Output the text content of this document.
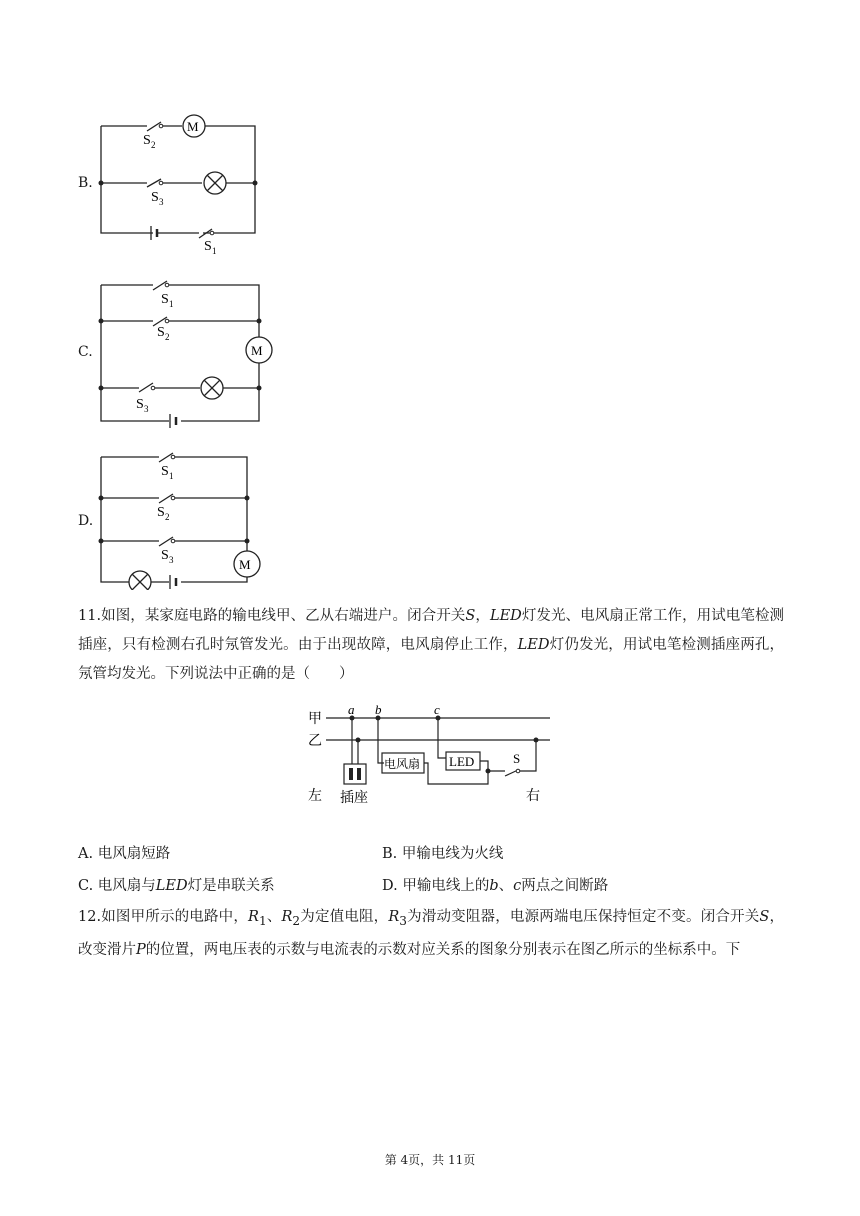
B.
M
S 2
S 3
S 1
C.	M
S 1
S 2
S 3
D.
M
S 1
S 2
S 3
11.如图，某家庭电路的输电线甲、乙从右端进户。闭合开关S，LED灯发光、电风扇正常工作，用试电笔检测插座，只有检测右孔时氖管发光。由于出现故障，电风扇停止工作，LED灯仍发光，用试电笔检测插座两孔，氖管均发光。下列说法中正确的是（　　）
甲
乙
a b	c
电风扇 LED	S
插座
左	右
A. 电风扇短路	B. 甲输电线为火线
C. 电风扇与LED灯是串联关系	D. 甲输电线上的b、c两点之间断路
12.如图甲所示的电路中，$R_1$、$R_2$为定值电阻，$R_3$为滑动变阻器，电源两端电压保持恒定不变。闭合开关S，改变滑片P的位置，两电压表的示数与电流表的示数对应关系的图象分别表示在图乙所示的坐标系中。下
第 4页，共 11页
